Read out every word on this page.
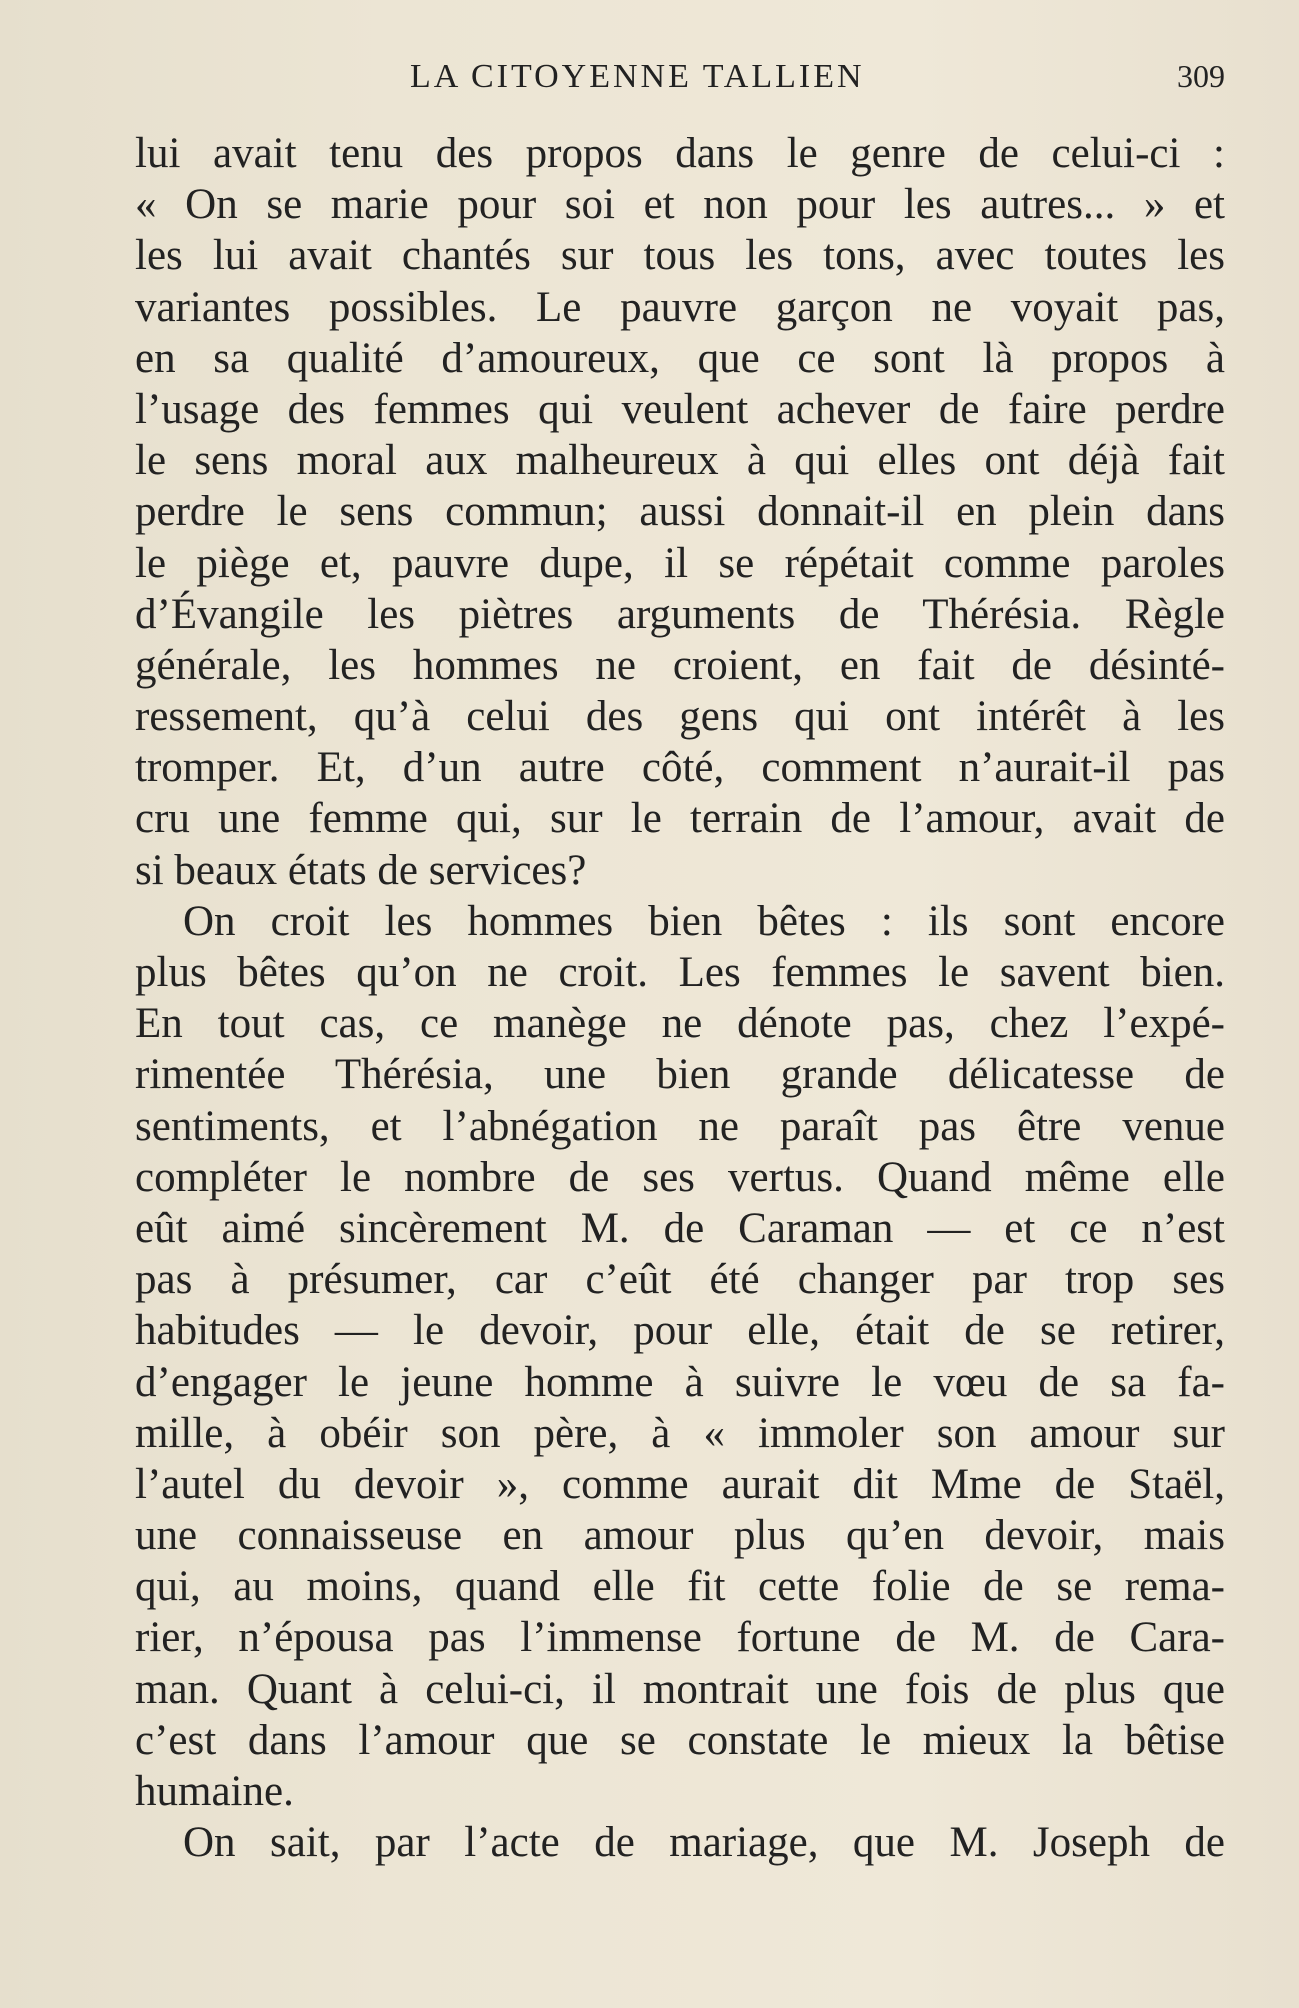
LA CITOYENNE TALLIEN	309
lui avait tenu des propos dans le genre de celui-ci :
« On se marie pour soi et non pour les autres... » et
les lui avait chantés sur tous les tons, avec toutes les
variantes possibles. Le pauvre garçon ne voyait pas,
en sa qualité d’amoureux, que ce sont là propos à
l’usage des femmes qui veulent achever de faire perdre
le sens moral aux malheureux à qui elles ont déjà fait
perdre le sens commun; aussi donnait-il en plein dans
le piège et, pauvre dupe, il se répétait comme paroles
d’Évangile les piètres arguments de Thérésia. Règle
générale, les hommes ne croient, en fait de désinté-
ressement, qu’à celui des gens qui ont intérêt à les
tromper. Et, d’un autre côté, comment n’aurait-il pas
cru une femme qui, sur le terrain de l’amour, avait de
si beaux états de services?
On croit les hommes bien bêtes : ils sont encore
plus bêtes qu’on ne croit. Les femmes le savent bien.
En tout cas, ce manège ne dénote pas, chez l’expé-
rimentée Thérésia, une bien grande délicatesse de
sentiments, et l’abnégation ne paraît pas être venue
compléter le nombre de ses vertus. Quand même elle
eût aimé sincèrement M. de Caraman — et ce n’est
pas à présumer, car c’eût été changer par trop ses
habitudes — le devoir, pour elle, était de se retirer,
d’engager le jeune homme à suivre le vœu de sa fa-
mille, à obéir son père, à « immoler son amour sur
l’autel du devoir », comme aurait dit Mme de Staël,
une connaisseuse en amour plus qu’en devoir, mais
qui, au moins, quand elle fit cette folie de se rema-
rier, n’épousa pas l’immense fortune de M. de Cara-
man. Quant à celui-ci, il montrait une fois de plus que
c’est dans l’amour que se constate le mieux la bêtise
humaine.
On sait, par l’acte de mariage, que M. Joseph de
